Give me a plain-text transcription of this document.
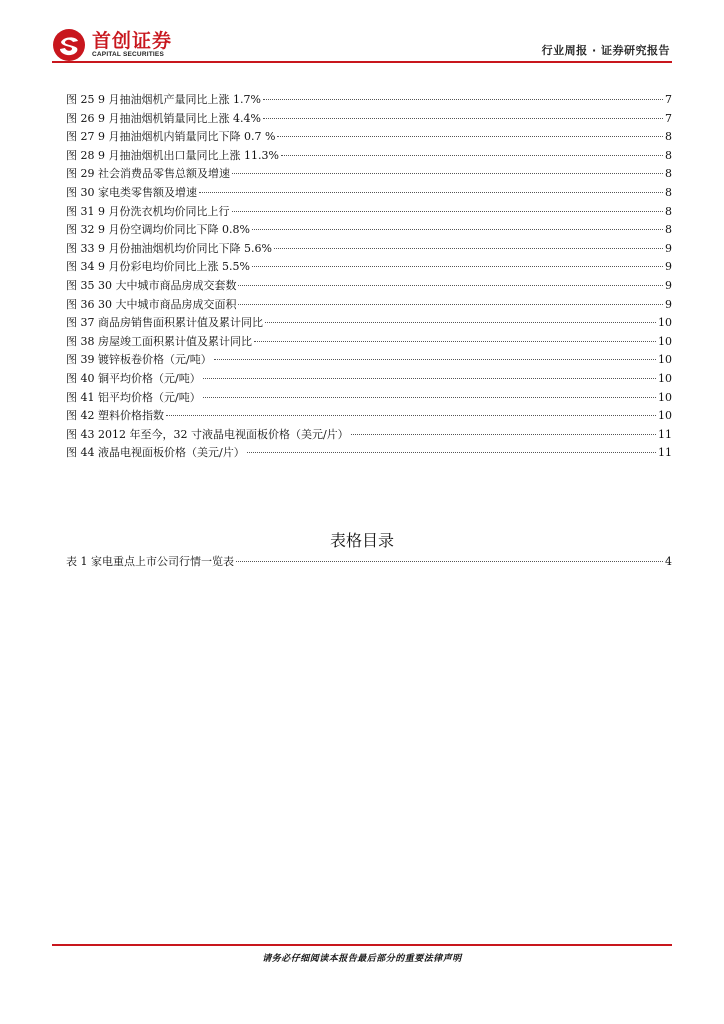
首创证券
CAPITAL SECURITIES	行业周报 · 证券研究报告
图 25 9 月抽油烟机产量同比上涨 1.7%	7
图 26 9 月抽油烟机销量同比上涨 4.4%	7
图 27 9 月抽油烟机内销量同比下降 0.7 %	8
图 28 9 月抽油烟机出口量同比上涨 11.3%	8
图 29 社会消费品零售总额及增速	8
图 30 家电类零售额及增速	8
图 31 9 月份洗衣机均价同比上行	8
图 32 9 月份空调均价同比下降 0.8%	8
图 33 9 月份抽油烟机均价同比下降 5.6%	9
图 34 9 月份彩电均价同比上涨 5.5%	9
图 35 30 大中城市商品房成交套数	9
图 36 30 大中城市商品房成交面积	9
图 37 商品房销售面积累计值及累计同比	10
图 38 房屋竣工面积累计值及累计同比	10
图 39 镀锌板卷价格（元/吨）	10
图 40 铜平均价格（元/吨）	10
图 41 铝平均价格（元/吨）	10
图 42 塑料价格指数	10
图 43 2012 年至今，32 寸液晶电视面板价格（美元/片）	11
图 44 液晶电视面板价格（美元/片）	11
表格目录
表 1 家电重点上市公司行情一览表	4
请务必仔细阅读本报告最后部分的重要法律声明
